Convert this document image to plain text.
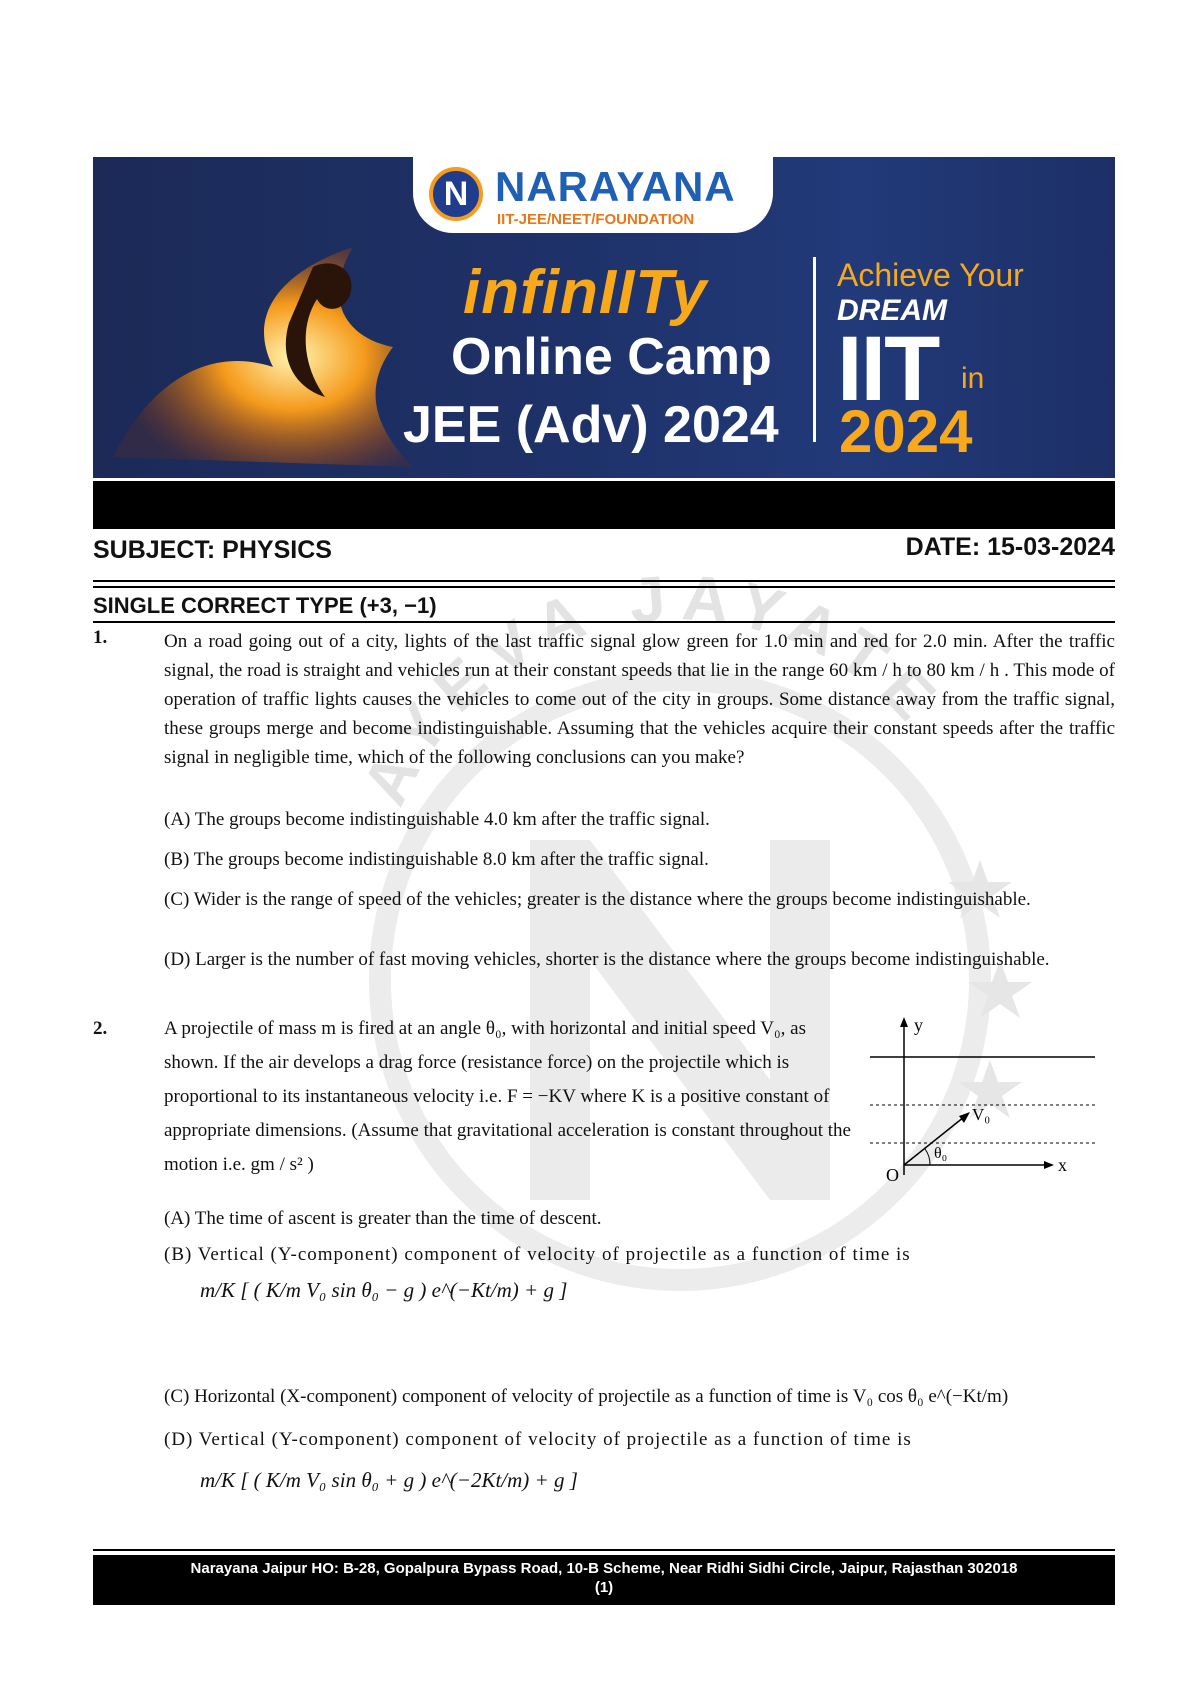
N NARAYANA
IIT-JEE/NEET/FOUNDATION
infinIITy
Online Camp
JEE (Adv) 2024
Achieve Your
DREAM
IIT in
2024
AYEVA JAYATE
SUBJECT: PHYSICS	DATE: 15-03-2024
SINGLE CORRECT TYPE (+3, −1)
1.	On a road going out of a city, lights of the last traffic signal glow green for 1.0 min and red for 2.0 min. After the traffic signal, the road is straight and vehicles run at their constant speeds that lie in the range 60 km / h to 80 km / h . This mode of operation of traffic lights causes the vehicles to come out of the city in groups. Some distance away from the traffic signal, these groups merge and become indistinguishable. Assuming that the vehicles acquire their constant speeds after the traffic signal in negligible time, which of the following conclusions can you make?
(A) The groups become indistinguishable 4.0 km after the traffic signal.
(B) The groups become indistinguishable 8.0 km after the traffic signal.
(C) Wider is the range of speed of the vehicles; greater is the distance where the groups become indistinguishable.
(D) Larger is the number of fast moving vehicles, shorter is the distance where the groups become indistinguishable.
2.	A projectile of mass m is fired at an angle θ₀, with horizontal and initial speed V₀, as shown. If the air develops a drag force (resistance force) on the projectile which is proportional to its instantaneous velocity i.e. F = −KV where K is a positive constant of appropriate dimensions. (Assume that gravitational acceleration is constant throughout the motion i.e. gm / s² )
y
x
O
V₀
θ₀
(A) The time of ascent is greater than the time of descent.
(B) Vertical (Y-component) component of velocity of projectile as a function of time is
m/K [ ( K/m V₀ sin θ₀ − g ) e^(−Kt/m) + g ]
(C) Horizontal (X-component) component of velocity of projectile as a function of time is V₀ cos θ₀ e^(−Kt/m)
(D) Vertical (Y-component) component of velocity of projectile as a function of time is
m/K [ ( K/m V₀ sin θ₀ + g ) e^(−2Kt/m) + g ]
Narayana Jaipur HO: B-28, Gopalpura Bypass Road, 10-B Scheme, Near Ridhi Sidhi Circle, Jaipur, Rajasthan 302018
(1)
